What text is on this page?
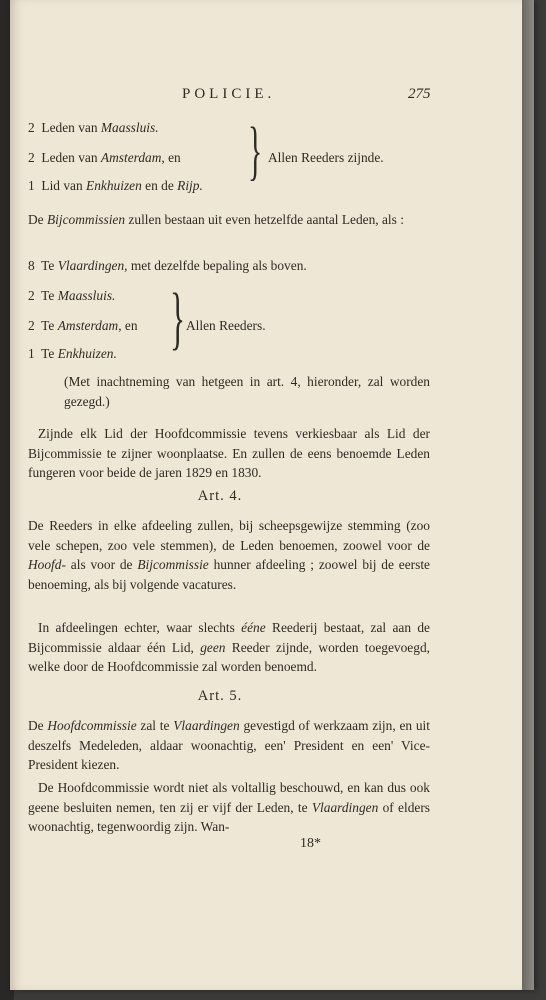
POLICIE.	275
2 Leden van Maassluis.
2 Leden van Amsterdam, en
1 Lid van Enkhuizen en de Rijp. } Allen Reeders zijnde.
De Bijcommissien zullen bestaan uit even hetzelfde aantal Leden, als :
8 Te Vlaardingen, met dezelfde bepaling als boven.
2 Te Maassluis.
2 Te Amsterdam, en
1 Te Enkhuizen. } Allen Reeders.
(Met inachtneming van hetgeen in art. 4, hieronder, zal worden gezegd.)
Zijnde elk Lid der Hoofdcommissie tevens verkiesbaar als Lid der Bijcommissie te zijner woonplaatse. En zullen de eens benoemde Leden fungeren voor beide de jaren 1829 en 1830.
Art. 4.
De Reeders in elke afdeeling zullen, bij scheepsgewijze stemming (zoo vele schepen, zoo vele stemmen), de Leden benoemen, zoowel voor de Hoofd- als voor de Bijcommissie hunner afdeeling ; zoowel bij de eerste benoeming, als bij volgende vacatures.
In afdeelingen echter, waar slechts ééne Reederij bestaat, zal aan de Bijcommissie aldaar één Lid, geen Reeder zijnde, worden toegevoegd, welke door de Hoofdcommissie zal worden benoemd.
Art. 5.
De Hoofdcommissie zal te Vlaardingen gevestigd of werkzaam zijn, en uit deszelfs Medeleden, aldaar woonachtig, een' President en een' Vice-President kiezen.
De Hoofdcommissie wordt niet als voltallig beschouwd, en kan dus ook geene besluiten nemen, ten zij er vijf der Leden, te Vlaardingen of elders woonachtig, tegenwoordig zijn. Wan-
18*
